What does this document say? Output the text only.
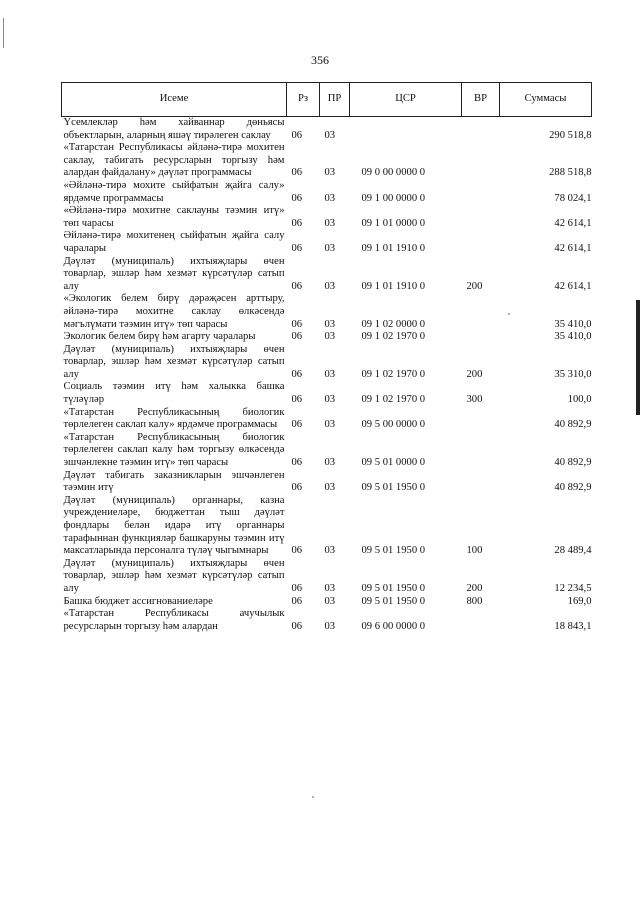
356
Исеме	Рз	ПР	ЦСР	ВР	Суммасы
Үсемлекләр һәм хайваннар дөньясы объектларын, аларның яшәү тирәлеген саклау	06	03			290 518,8
«Татарстан Республикасы әйләнә-тирә мохитен саклау, табигать ресурсларын торгызу һәм алардан файдалану» дәүләт программасы	06	03	09 0 00 0000 0		288 518,8
«Әйләнә-тирә мохите сыйфатын җайга салу» ярдәмче программасы	06	03	09 1 00 0000 0		78 024,1
«Әйләнә-тирә мохитне саклауны тәэмин итү» төп чарасы	06	03	09 1 01 0000 0		42 614,1
Әйләнә-тирә мохитенең сыйфатын җайга салу чаралары	06	03	09 1 01 1910 0		42 614,1
Дәүләт (муниципаль) ихтыяҗлары өчен товарлар, эшләр һәм хезмәт күрсәтүләр сатып алу	06	03	09 1 01 1910 0	200	42 614,1
«Экологик белем бирү дәрәҗәсен арттыру, әйләнә-тирә мохитне саклау өлкәсендә мәгълүмати тәэмин итү» төп чарасы	06	03	09 1 02 0000 0		35 410,0
Экологик белем бирү һәм агарту чаралары	06	03	09 1 02 1970 0		35 410,0
Дәүләт (муниципаль) ихтыяҗлары өчен товарлар, эшләр һәм хезмәт күрсәтүләр сатып алу	06	03	09 1 02 1970 0	200	35 310,0
Социаль тәэмин итү һәм халыкка башка түләүләр	06	03	09 1 02 1970 0	300	100,0
«Татарстан Республикасының биологик төрлелеген саклап калу» ярдәмче программасы	06	03	09 5 00 0000 0		40 892,9
«Татарстан Республикасының биологик төрлелеген саклап калу һәм торгызу өлкәсендә эшчәнлекне тәэмин итү» төп чарасы	06	03	09 5 01 0000 0		40 892,9
Дәүләт табигать заказникларын эшчәнлеген тәэмин итү	06	03	09 5 01 1950 0		40 892,9
Дәүләт (муниципаль) органнары, казна учреждениеләре, бюджеттан тыш дәүләт фондлары белән идарә итү органнары тарафыннан функцияләр башкаруны тәэмин итү максатларында персоналга түләү чыгымнары	06	03	09 5 01 1950 0	100	28 489,4
Дәүләт (муниципаль) ихтыяҗлары өчен товарлар, эшләр һәм хезмәт күрсәтүләр сатып алу	06	03	09 5 01 1950 0	200	12 234,5
Башка бюджет ассигнованиеләре	06	03	09 5 01 1950 0	800	169,0
«Татарстан Республикасы ачучылык ресурсларын торгызу һәм алардан	06	03	09 6 00 0000 0		18 843,1
